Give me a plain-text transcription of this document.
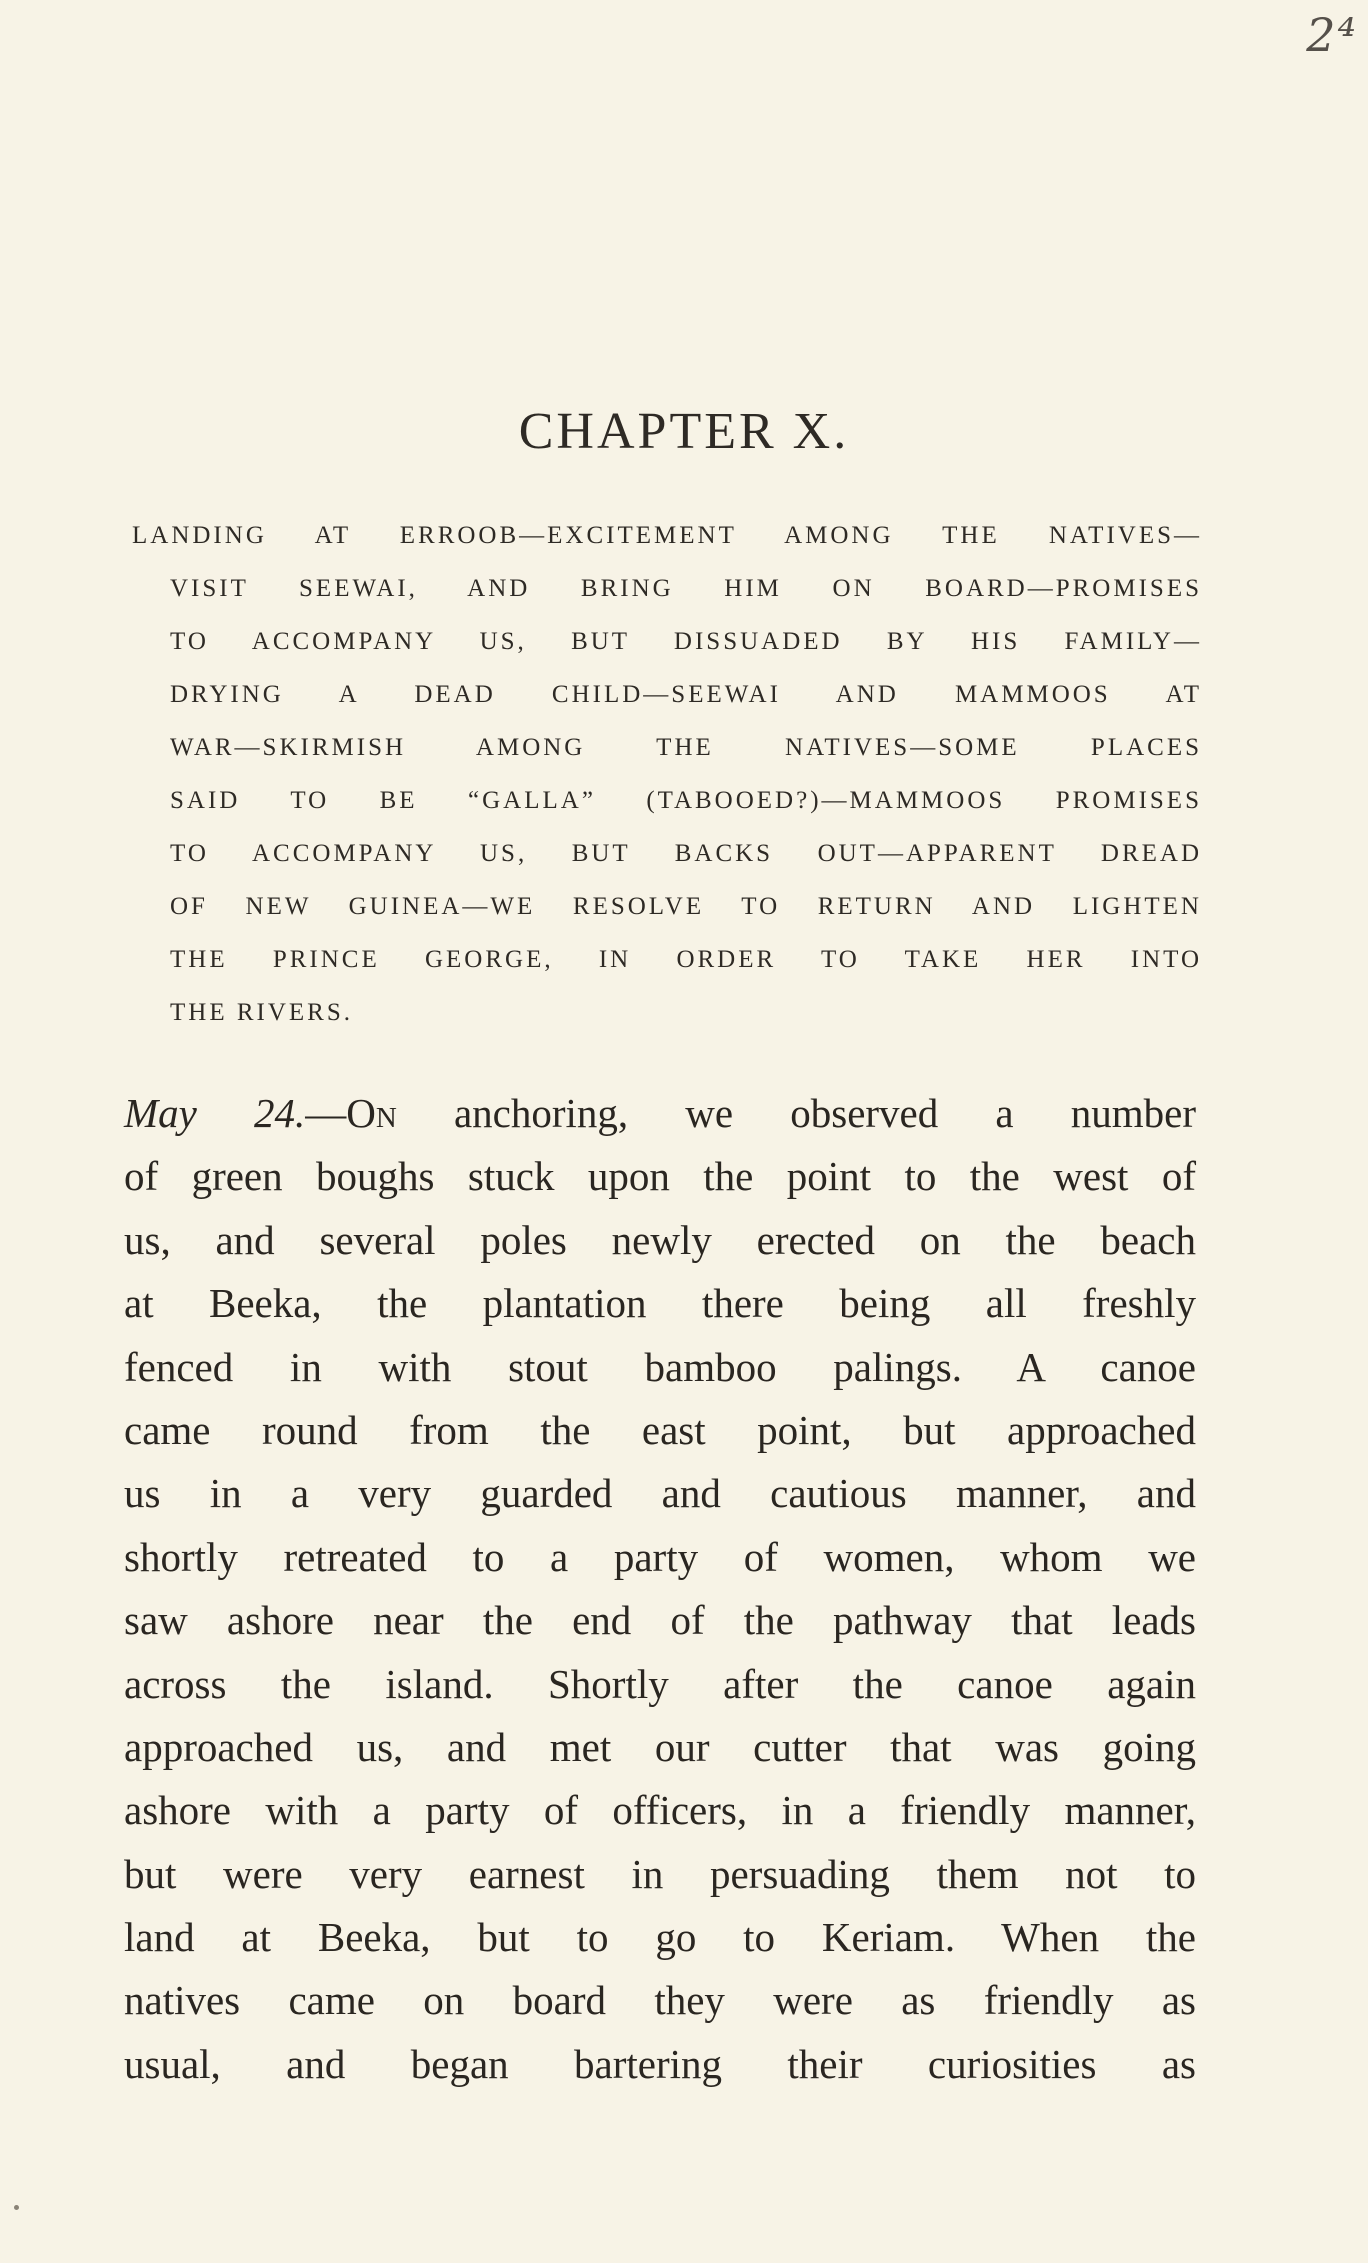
2⁴
CHAPTER X.
LANDING AT ERROOB—EXCITEMENT AMONG THE NATIVES—
VISIT SEEWAI, AND BRING HIM ON BOARD—PROMISES
TO ACCOMPANY US, BUT DISSUADED BY HIS FAMILY—
DRYING A DEAD CHILD—SEEWAI AND MAMMOOS AT
WAR—SKIRMISH AMONG THE NATIVES—SOME PLACES
SAID TO BE “GALLA” (TABOOED?)—MAMMOOS PROMISES
TO ACCOMPANY US, BUT BACKS OUT—APPARENT DREAD
OF NEW GUINEA—WE RESOLVE TO RETURN AND LIGHTEN
THE PRINCE GEORGE, IN ORDER TO TAKE HER INTO
THE RIVERS.
May 24.—On anchoring, we observed a number
of green boughs stuck upon the point to the west of
us, and several poles newly erected on the beach
at Beeka, the plantation there being all freshly
fenced in with stout bamboo palings. A canoe
came round from the east point, but approached
us in a very guarded and cautious manner, and
shortly retreated to a party of women, whom we
saw ashore near the end of the pathway that leads
across the island. Shortly after the canoe again
approached us, and met our cutter that was going
ashore with a party of officers, in a friendly manner,
but were very earnest in persuading them not to
land at Beeka, but to go to Keriam. When the
natives came on board they were as friendly as
usual, and began bartering their curiosities as
